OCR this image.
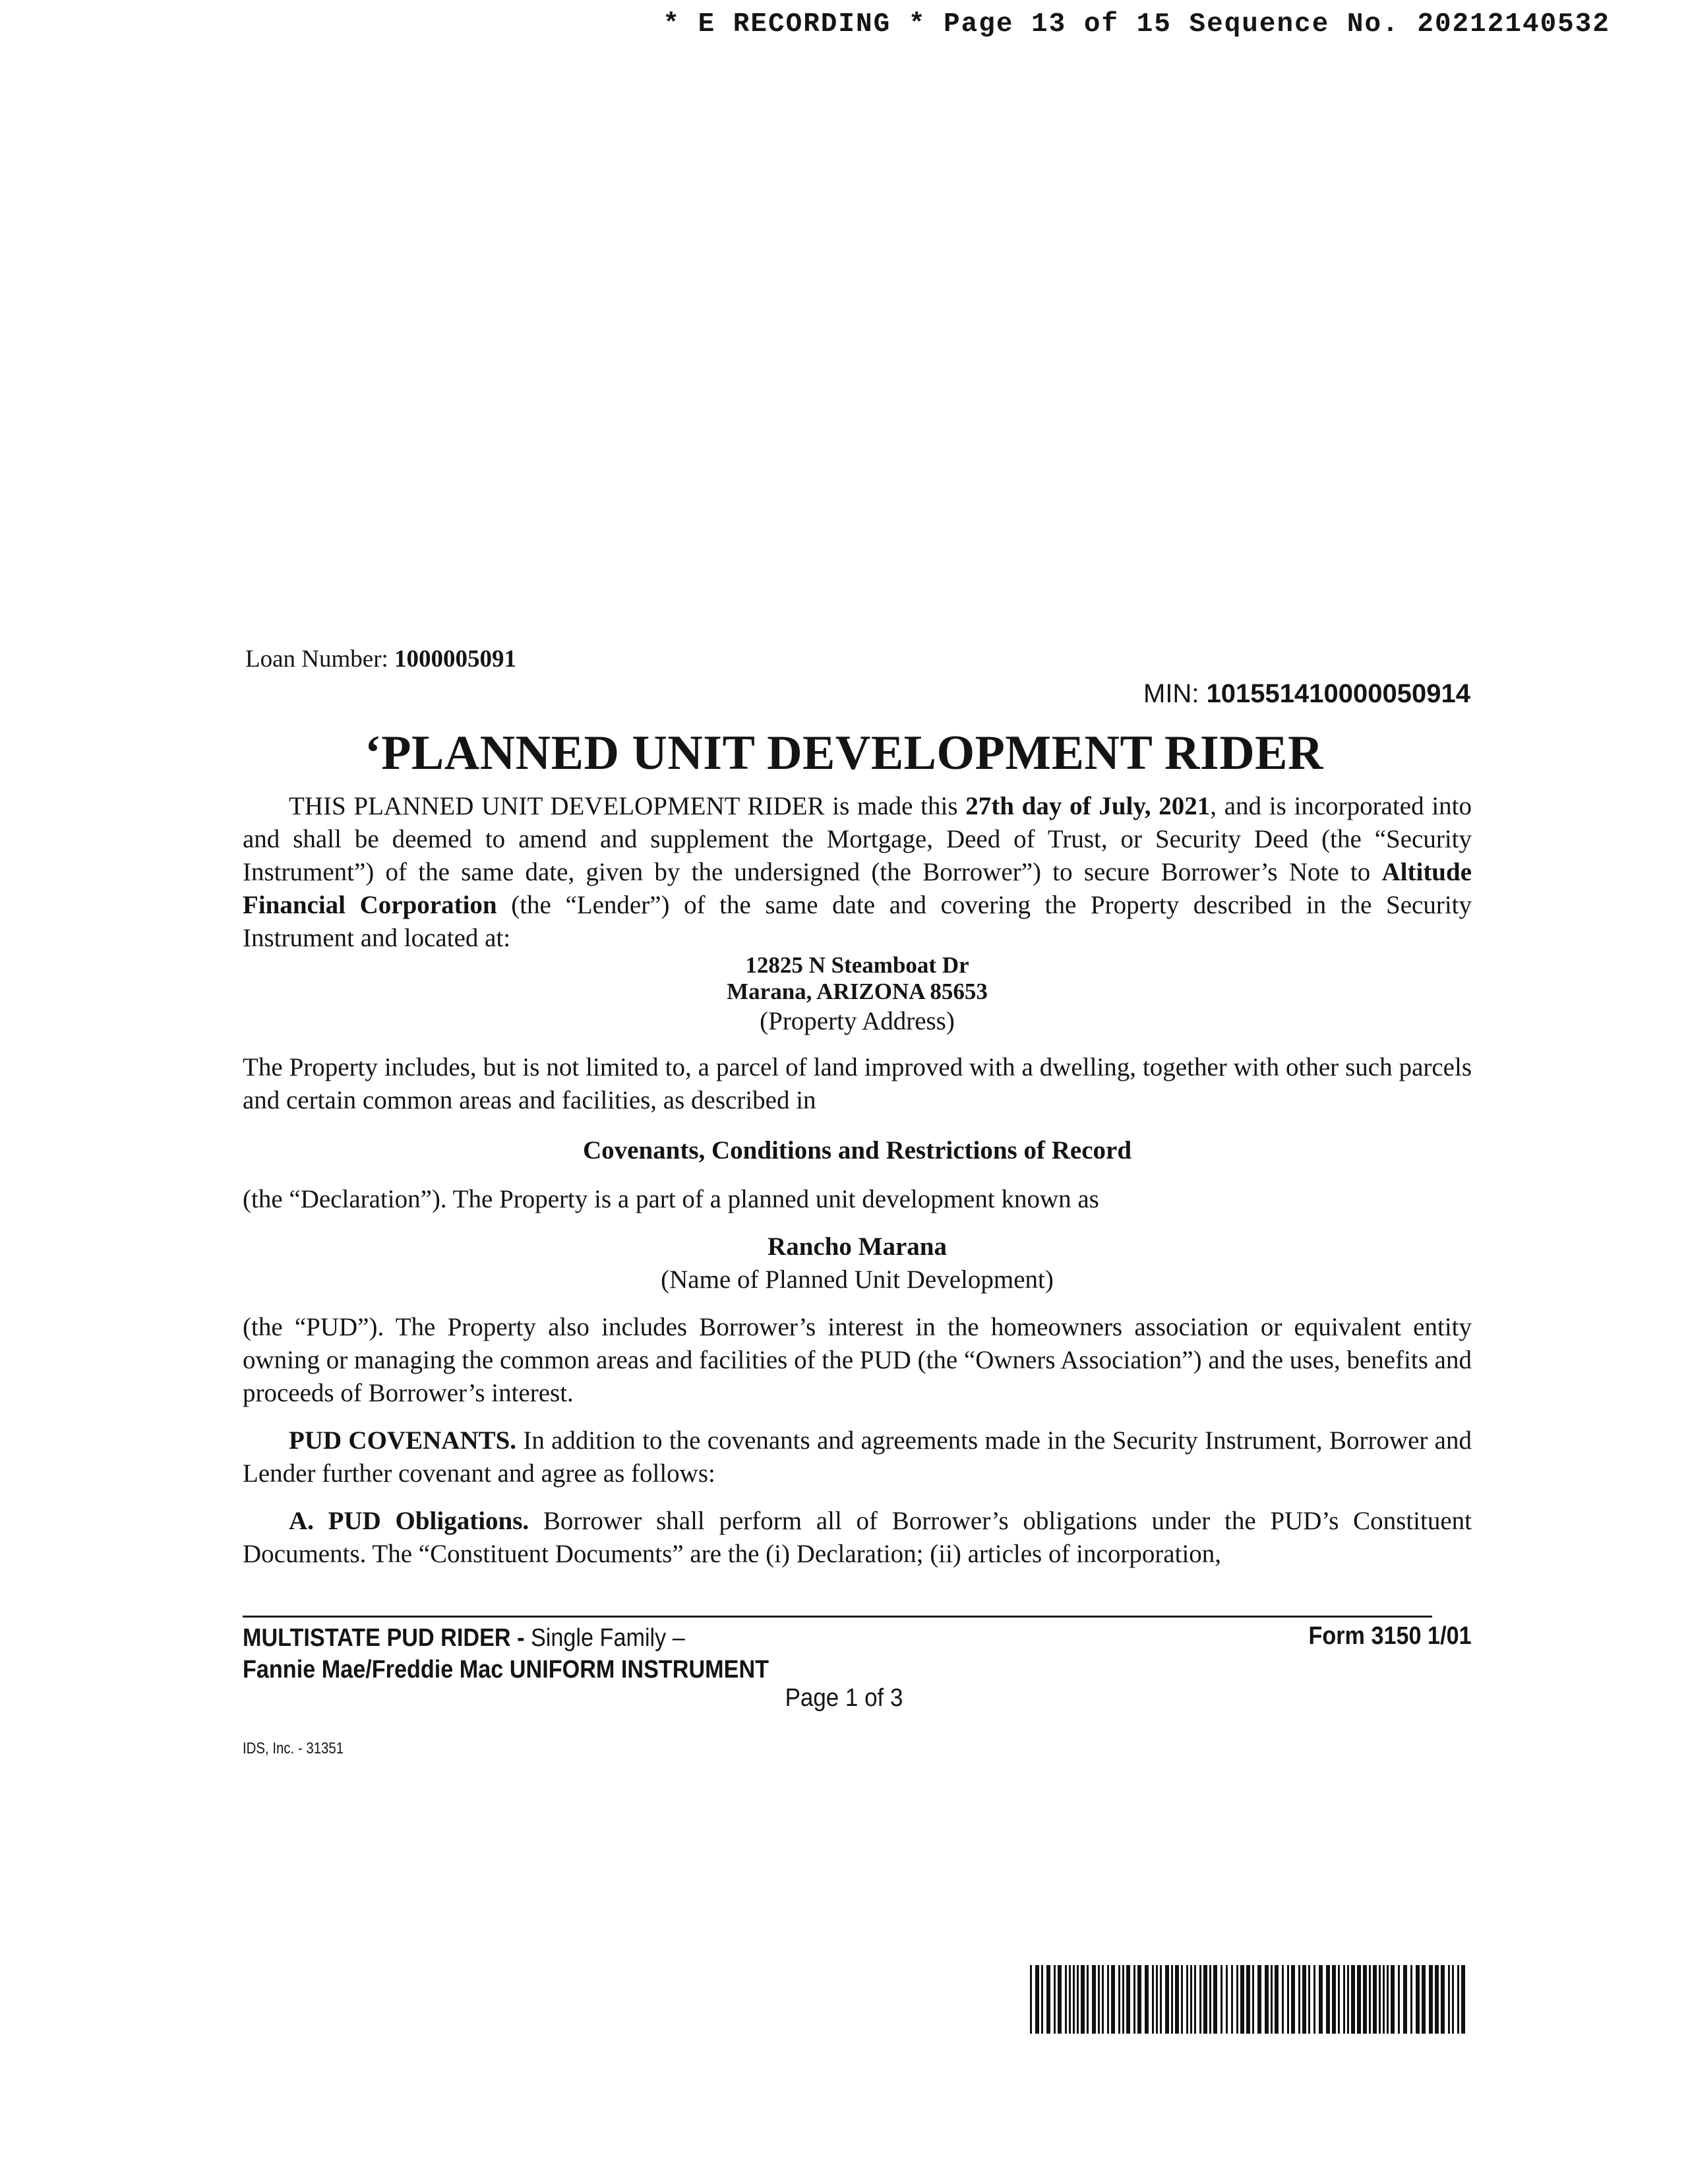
* E RECORDING * Page 13 of 15 Sequence No. 20212140532
Loan Number: 1000005091
MIN: 101551410000050914
‘PLANNED UNIT DEVELOPMENT RIDER

THIS PLANNED UNIT DEVELOPMENT RIDER is made this 27th day of July, 2021, and is incorporated into and shall be deemed to amend and supplement the Mortgage, Deed of Trust, or Security Deed (the “Security Instrument”) of the same date, given by the undersigned (the Borrower”) to secure Borrower’s Note to Altitude Financial Corporation (the “Lender”) of the same date and covering the Property described in the Security Instrument and located at:

12825 N Steamboat Dr
Marana, ARIZONA 85653
(Property Address)

The Property includes, but is not limited to, a parcel of land improved with a dwelling, together with other such parcels and certain common areas and facilities, as described in

Covenants, Conditions and Restrictions of Record

(the “Declaration”). The Property is a part of a planned unit development known as

Rancho Marana
(Name of Planned Unit Development)

(the “PUD”). The Property also includes Borrower’s interest in the homeowners association or equivalent entity owning or managing the common areas and facilities of the PUD (the “Owners Association”) and the uses, benefits and proceeds of Borrower’s interest.

PUD COVENANTS. In addition to the covenants and agreements made in the Security Instrument, Borrower and Lender further covenant and agree as follows:

A. PUD Obligations. Borrower shall perform all of Borrower’s obligations under the PUD’s Constituent Documents. The “Constituent Documents” are the (i) Declaration; (ii) articles of incorporation,

MULTISTATE PUD RIDER - Single Family –
Fannie Mae/Freddie Mac UNIFORM INSTRUMENT
Form 3150 1/01
Page 1 of 3
IDS, Inc. - 31351
